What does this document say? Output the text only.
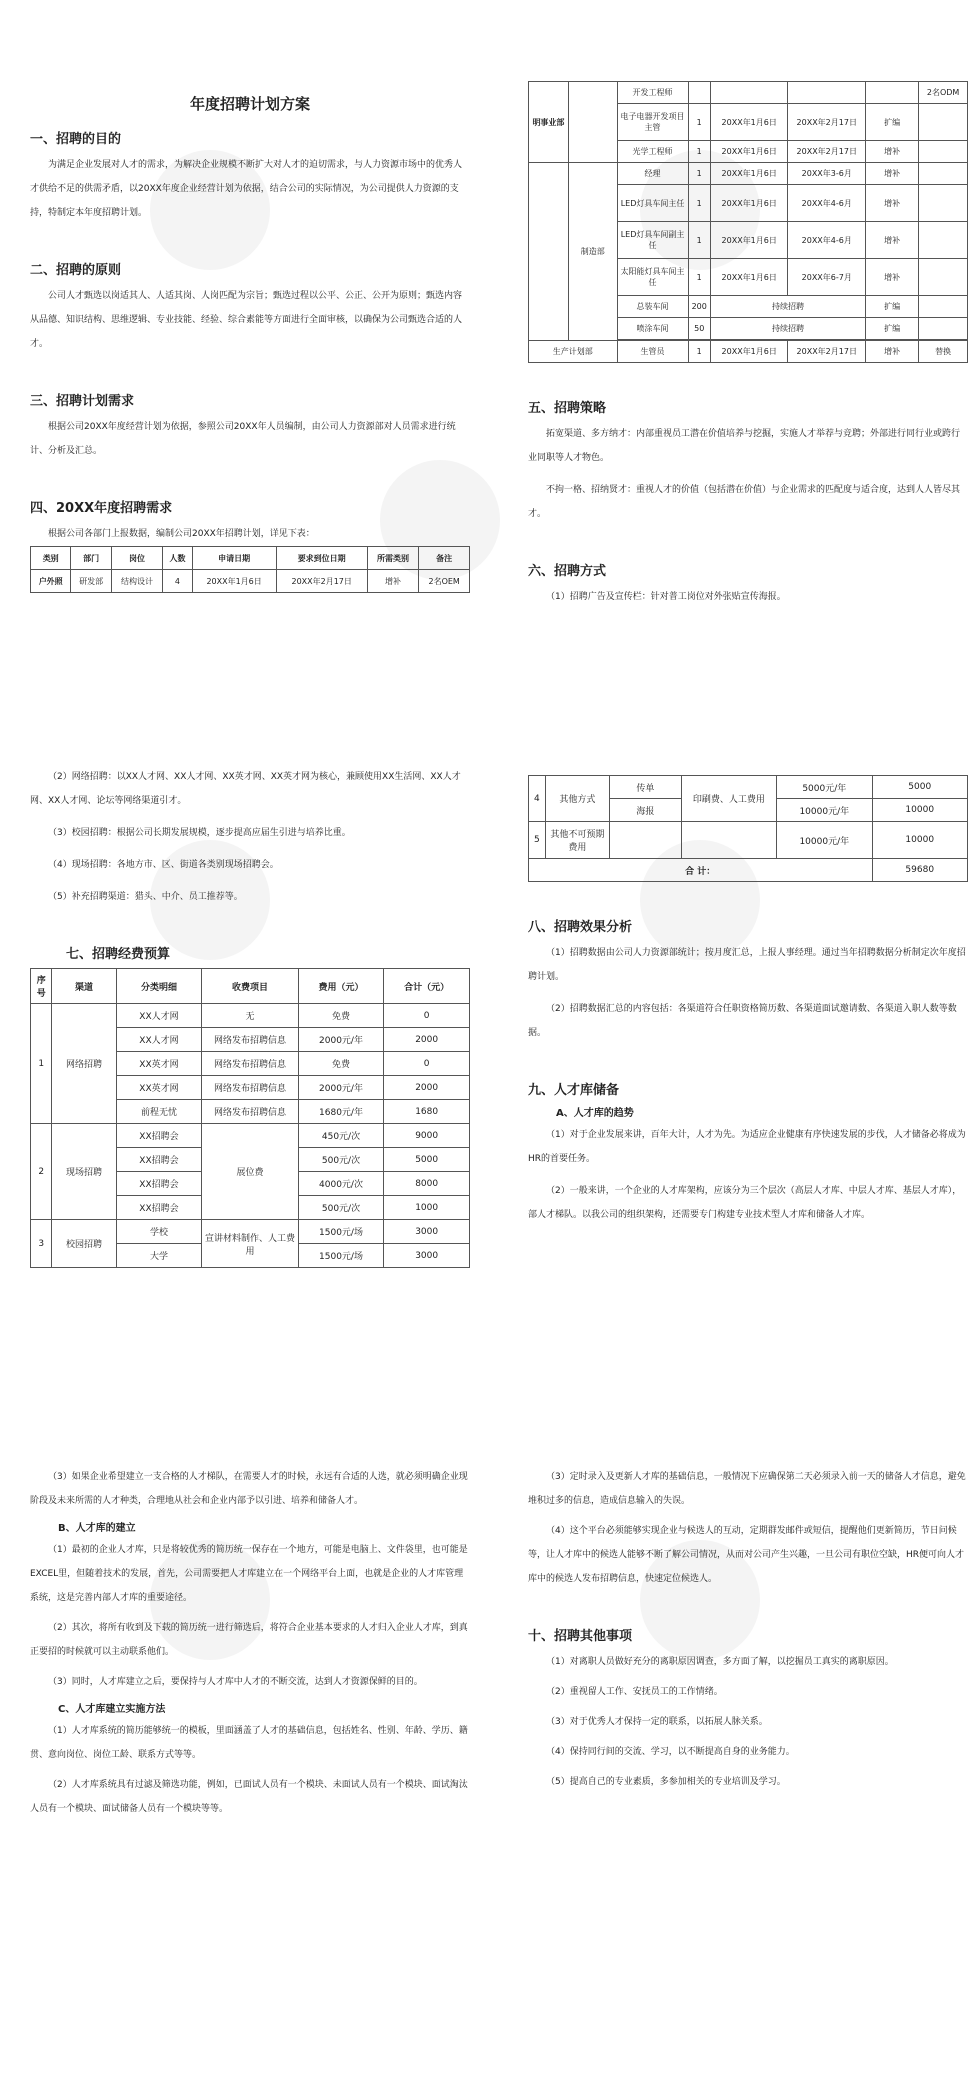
年度招聘计划方案
一、招聘的目的

为满足企业发展对人才的需求，为解决企业规模不断扩大对人才的迫切需求，与人力资源市场中的优秀人才供给不足的供需矛盾，以20XX年度企业经营计划为依据，结合公司的实际情况，为公司提供人力资源的支持，特制定本年度招聘计划。

二、招聘的原则

公司人才甄选以岗适其人、人适其岗、人岗匹配为宗旨；甄选过程以公平、公正、公开为原则；甄选内容从品德、知识结构、思维逻辑、专业技能、经验、综合素能等方面进行全面审核，以确保为公司甄选合适的人才。

三、招聘计划需求

根据公司20XX年度经营计划为依据，参照公司20XX年人员编制，由公司人力资源部对人员需求进行统计、分析及汇总。

四、20XX年度招聘需求

根据公司各部门上报数据，编制公司20XX年招聘计划，详见下表：

类别	部门	岗位	人数	申请日期	要求到位日期	所需类别	备注
户外照	研发部	结构设计	4	20XX年1月6日	20XX年2月17日	增补	2名OEM
明事业部		开发工程师					2名ODM
		电子电器开发项目主管	1	20XX年1月6日	20XX年2月17日	扩编	
		光学工程师	1	20XX年1月6日	20XX年2月17日	增补	
	制造部	经理	1	20XX年1月6日	20XX年3-6月	增补	
		LED灯具车间主任	1	20XX年1月6日	20XX年4-6月	增补	
		LED灯具车间副主任	1	20XX年1月6日	20XX年4-6月	增补	
		太阳能灯具车间主任	1	20XX年1月6日	20XX年6-7月	增补	
		总装车间	200	持续招聘		扩编	
		喷涂车间	50	持续招聘		扩编	

生产计划部		生管员	1	20XX年1月6日	20XX年2月17日	增补	替换
五、招聘策略

拓宽渠道、多方纳才：内部重视员工潜在价值培养与挖掘，实施人才举荐与竞聘；外部进行同行业或跨行业同职等人才物色。

不拘一格、招纳贤才：重视人才的价值（包括潜在价值）与企业需求的匹配度与适合度，达到人人皆尽其才。

六、招聘方式

（1）招聘广告及宣传栏：针对普工岗位对外张贴宣传海报。

（2）网络招聘：以XX人才网、XX人才网、XX英才网、XX英才网为核心，兼顾使用XX生活网、XX人才网、XX人才网、论坛等网络渠道引才。

（3）校园招聘：根据公司长期发展规模，逐步提高应届生引进与培养比重。

（4）现场招聘：各地方市、区、街道各类别现场招聘会。

（5）补充招聘渠道：猎头、中介、员工推荐等。

七、招聘经费预算
序号	渠道	分类明细	收费项目	费用（元）	合计（元）
1	网络招聘	XX人才网	无	免费	0
		XX人才网	网络发布招聘信息	2000元/年	2000
		XX英才网	网络发布招聘信息	免费	0
		XX英才网	网络发布招聘信息	2000元/年	2000
		前程无忧	网络发布招聘信息	1680元/年	1680
2	现场招聘	XX招聘会	展位费	450元/次	9000
		XX招聘会		500元/次	5000
		XX招聘会		4000元/次	8000
		XX招聘会		500元/次	1000
3	校园招聘	学校	宣讲材料制作、人工费用	1500元/场	3000
		大学		1500元/场	3000
4	其他方式	传单	印刷费、人工费用	5000元/年	5000
		海报		10000元/年	10000
5	其他不可预期费用			10000元/年	10000
合 计：					59680
八、招聘效果分析

（1）招聘数据由公司人力资源部统计；按月度汇总，上报人事经理。通过当年招聘数据分析制定次年度招聘计划。

（2）招聘数据汇总的内容包括：各渠道符合任职资格简历数、各渠道面试邀请数、各渠道入职人数等数据。

九、人才库储备
A、人才库的趋势

（1）对于企业发展来讲，百年大计，人才为先。为适应企业健康有序快速发展的步伐，人才储备必将成为HR的首要任务。

（2）一般来讲，一个企业的人才库架构，应该分为三个层次（高层人才库、中层人才库、基层人才库），部人才梯队。以我公司的组织架构，还需要专门构建专业技术型人才库和储备人才库。

（3）如果企业希望建立一支合格的人才梯队，在需要人才的时候，永远有合适的人选，就必须明确企业现阶段及未来所需的人才种类，合理地从社会和企业内部予以引进、培养和储备人才。

B、人才库的建立

（1）最初的企业人才库，只是将较优秀的简历统一保存在一个地方，可能是电脑上、文件袋里，也可能是EXCEL里，但随着技术的发展，首先，公司需要把人才库建立在一个网络平台上面，也就是企业的人才库管理系统，这是完善内部人才库的重要途径。

（2）其次，将所有收到及下载的简历统一进行筛选后，将符合企业基本要求的人才归入企业人才库，到真正要招的时候就可以主动联系他们。

（3）同时，人才库建立之后，要保持与人才库中人才的不断交流，达到人才资源保鲜的目的。

C、人才库建立实施方法

（1）人才库系统的简历能够统一的模板，里面涵盖了人才的基础信息，包括姓名、性别、年龄、学历、籍贯、意向岗位、岗位工龄、联系方式等等。

（2）人才库系统具有过滤及筛选功能，例如，已面试人员有一个模块、未面试人员有一个模块、面试淘汰人员有一个模块、面试储备人员有一个模块等等。

（3）定时录入及更新人才库的基础信息，一般情况下应确保第二天必须录入前一天的储备人才信息，避免堆积过多的信息，造成信息输入的失误。

（4）这个平台必须能够实现企业与候选人的互动，定期群发邮件或短信，提醒他们更新简历，节日问候等，让人才库中的候选人能够不断了解公司情况，从而对公司产生兴趣，一旦公司有职位空缺，HR便可向人才库中的候选人发布招聘信息，快速定位候选人。

十、招聘其他事项

（1）对离职人员做好充分的离职原因调查，多方面了解，以挖掘员工真实的离职原因。

（2）重视留人工作、安抚员工的工作情绪。

（3）对于优秀人才保持一定的联系，以拓展人脉关系。

（4）保持同行间的交流、学习，以不断提高自身的业务能力。

（5）提高自己的专业素质，多参加相关的专业培训及学习。
